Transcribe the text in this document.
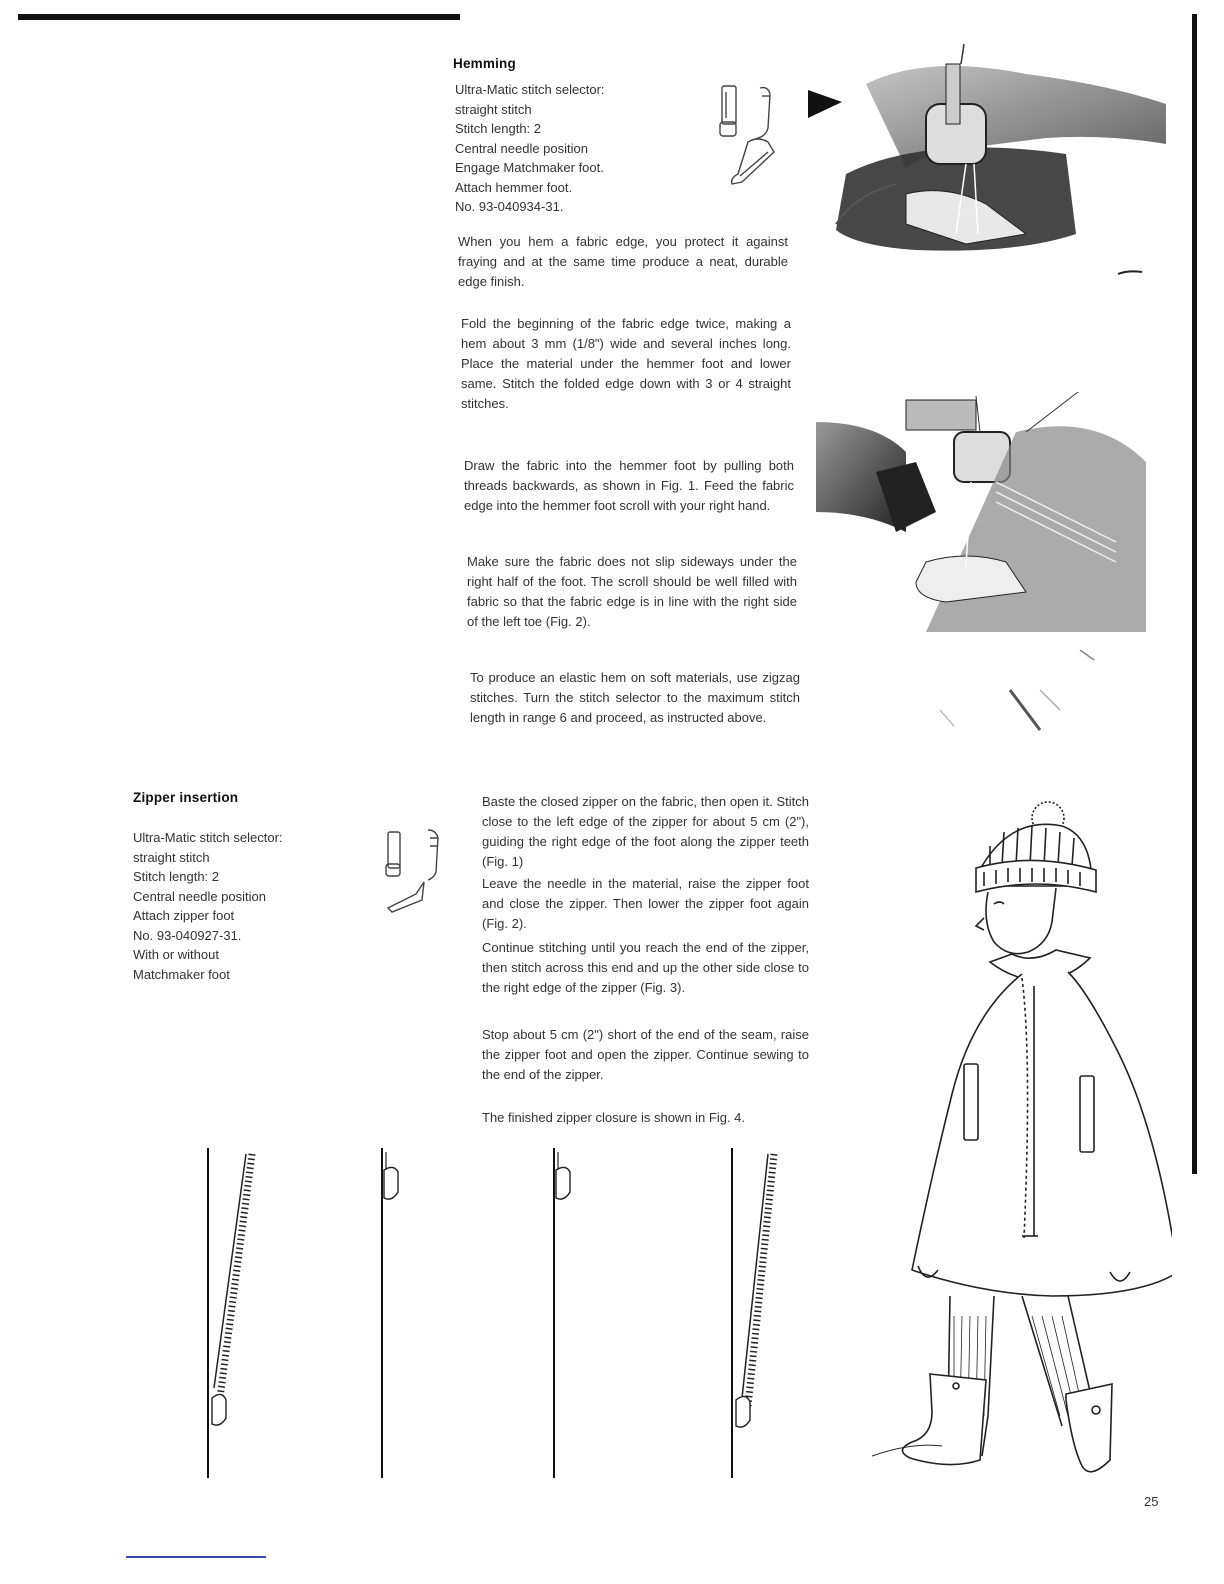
Hemming
Ultra-Matic stitch selector:
straight stitch
Stitch length: 2
Central needle position
Engage Matchmaker foot.
Attach hemmer foot.
No. 93-040934-31.

When you hem a fabric edge, you protect it against fraying and at the same time produce a neat, durable edge finish.

Fold the beginning of the fabric edge twice, making a hem about 3 mm (1/8") wide and several inches long. Place the material under the hemmer foot and lower same. Stitch the folded edge down with 3 or 4 straight stitches.

Draw the fabric into the hemmer foot by pulling both threads backwards, as shown in Fig. 1. Feed the fabric edge into the hemmer foot scroll with your right hand.

Make sure the fabric does not slip sideways under the right half of the foot. The scroll should be well filled with fabric so that the fabric edge is in line with the right side of the left toe (Fig. 2).

To produce an elastic hem on soft materials, use zigzag stitches. Turn the stitch selector to the maximum stitch length in range 6 and proceed, as instructed above.

Zipper insertion
Ultra-Matic stitch selector:
straight stitch
Stitch length: 2
Central needle position
Attach zipper foot
No. 93-040927-31.
With or without
Matchmaker foot

Baste the closed zipper on the fabric, then open it. Stitch close to the left edge of the zipper for about 5 cm (2"), guiding the right edge of the foot along the zipper teeth (Fig. 1)

Leave the needle in the material, raise the zipper foot and close the zipper. Then lower the zipper foot again (Fig. 2).

Continue stitching until you reach the end of the zipper, then stitch across this end and up the other side close to the right edge of the zipper (Fig. 3).

Stop about 5 cm (2") short of the end of the seam, raise the zipper foot and open the zipper. Continue sewing to the end of the zipper.

The finished zipper closure is shown in Fig. 4.

25
